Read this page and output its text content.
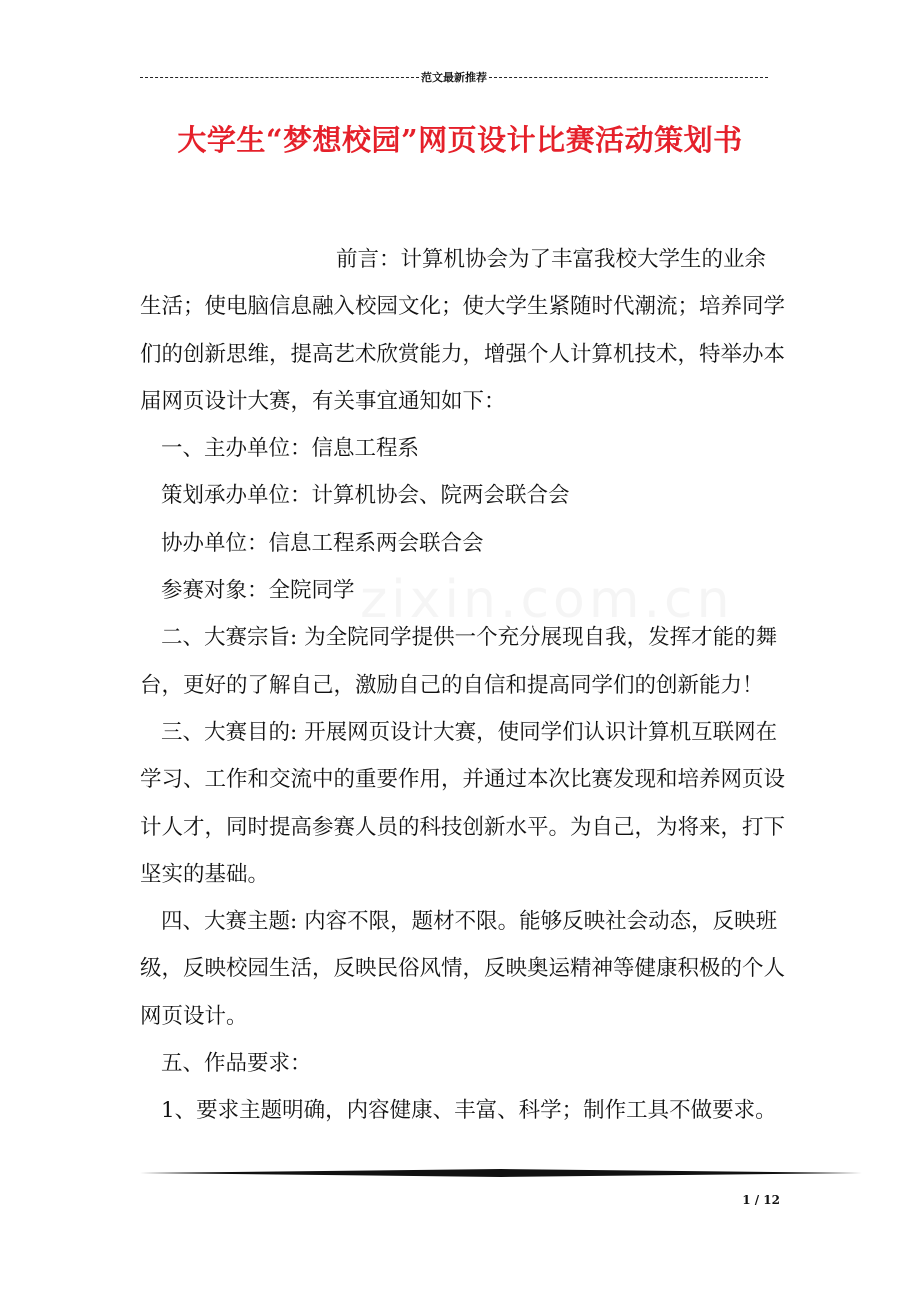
范文最新推荐
大学生“梦想校园”网页设计比赛活动策划书
zixin.com.cn

前言：计算机协会为了丰富我校大学生的业余生活；使电脑信息融入校园文化；使大学生紧随时代潮流；培养同学们的创新思维，提高艺术欣赏能力，增强个人计算机技术，特举办本届网页设计大赛，有关事宜通知如下：

一、主办单位：信息工程系

策划承办单位：计算机协会、院两会联合会

协办单位：信息工程系两会联合会

参赛对象：全院同学

二、大赛宗旨: 为全院同学提供一个充分展现自我，发挥才能的舞台，更好的了解自己，激励自己的自信和提高同学们的创新能力！

三、大赛目的: 开展网页设计大赛，使同学们认识计算机互联网在学习、工作和交流中的重要作用，并通过本次比赛发现和培养网页设计人才，同时提高参赛人员的科技创新水平。为自己，为将来，打下坚实的基础。

四、大赛主题: 内容不限，题材不限。能够反映社会动态，反映班级，反映校园生活，反映民俗风情，反映奥运精神等健康积极的个人网页设计。

五、作品要求：

1、要求主题明确，内容健康、丰富、科学；制作工具不做要求。

1 / 12
